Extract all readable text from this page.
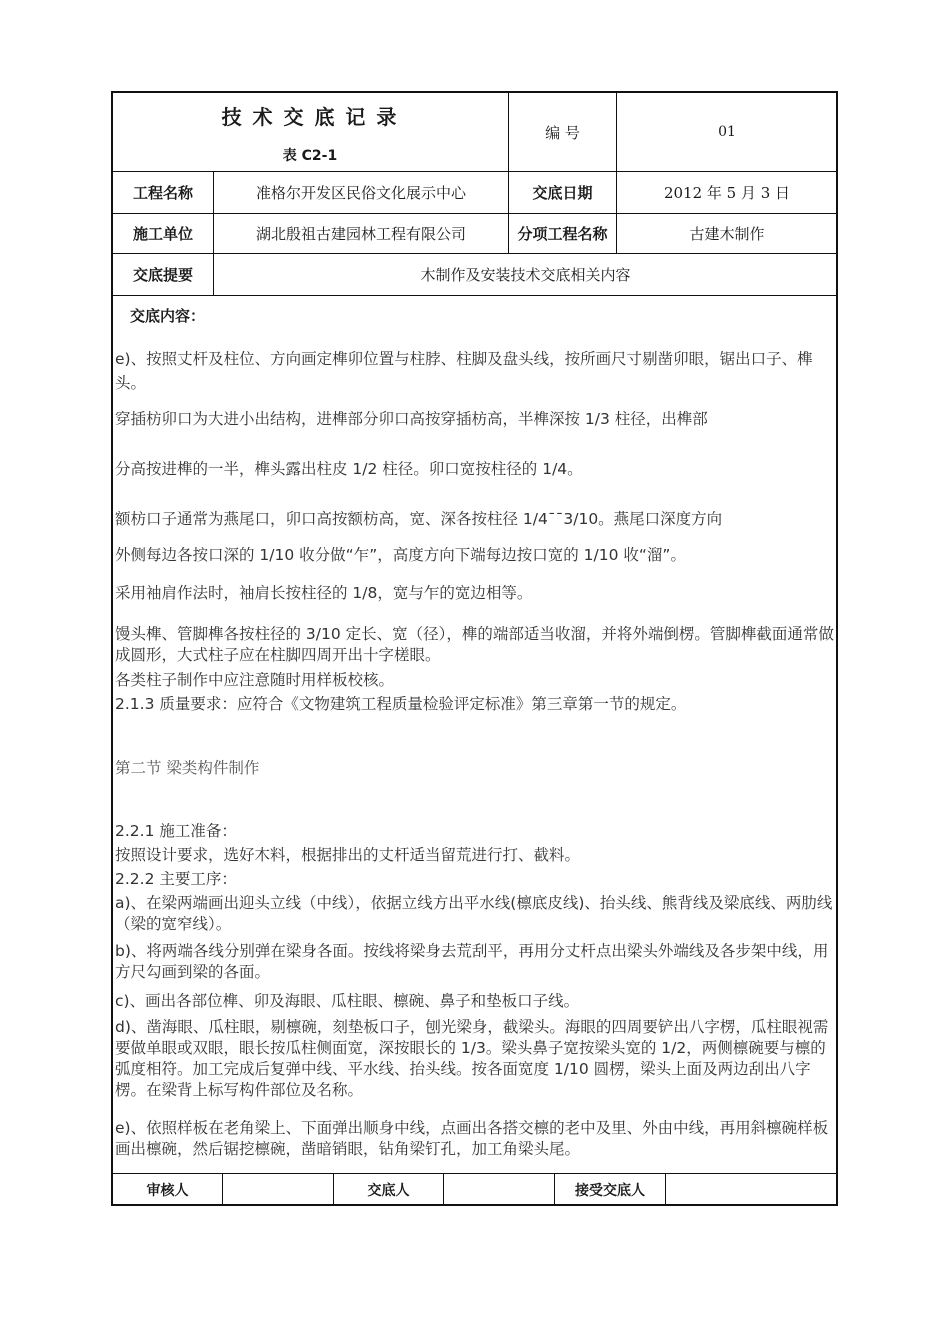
技 术 交 底 记 录
表 C2-1
编 号	01
工程名称	准格尔开发区民俗文化展示中心	交底日期	2012 年 5 月 3 日
施工单位	湖北殷祖古建园林工程有限公司	分项工程名称	古建木制作
交底提要	木制作及安装技术交底相关内容
交底内容：
e)、按照丈杆及柱位、方向画定榫卯位置与柱脖、柱脚及盘头线，按所画尺寸剔凿卯眼，锯出口子、榫头。
穿插枋卯口为大进小出结构，进榫部分卯口高按穿插枋高，半榫深按 1/3 柱径，出榫部
分高按进榫的一半，榫头露出柱皮 1/2 柱径。卯口宽按柱径的 1/4。
额枋口子通常为燕尾口，卯口高按额枋高，宽、深各按柱径 1/4¯¯3/10。燕尾口深度方向
外侧每边各按口深的 1/10 收分做“乍”，高度方向下端每边按口宽的 1/10 收“溜”。
采用袖肩作法时，袖肩长按柱径的 1/8，宽与乍的宽边相等。
馒头榫、管脚榫各按柱径的 3/10 定长、宽（径），榫的端部适当收溜，并将外端倒楞。管脚榫截面通常做成圆形，大式柱子应在柱脚四周开出十字槎眼。
各类柱子制作中应注意随时用样板校核。
2.1.3 质量要求：应符合《文物建筑工程质量检验评定标准》第三章第一节的规定。
第二节 梁类构件制作
2.2.1 施工准备：
按照设计要求，选好木料，根据排出的丈杆适当留荒进行打、截料。
2.2.2 主要工序：
a)、在梁两端画出迎头立线（中线），依据立线方出平水线(檩底皮线)、抬头线、熊背线及梁底线、两肋线（梁的宽窄线）。
b)、将两端各线分别弹在梁身各面。按线将梁身去荒刮平，再用分丈杆点出梁头外端线及各步架中线，用方尺勾画到梁的各面。
c)、画出各部位榫、卯及海眼、瓜柱眼、檩碗、鼻子和垫板口子线。
d)、凿海眼、瓜柱眼，剔檩碗，刻垫板口子，刨光梁身，截梁头。海眼的四周要铲出八字楞，瓜柱眼视需要做单眼或双眼，眼长按瓜柱侧面宽，深按眼长的 1/3。梁头鼻子宽按梁头宽的 1/2，两侧檩碗要与檩的弧度相符。加工完成后复弹中线、平水线、抬头线。按各面宽度 1/10 圆楞，梁头上面及两边刮出八字楞。在梁背上标写构件部位及名称。
e)、依照样板在老角梁上、下面弹出顺身中线，点画出各搭交檩的老中及里、外由中线，再用斜檩碗样板画出檩碗，然后锯挖檩碗，凿暗销眼，钻角梁钉孔，加工角梁头尾。
审核人	交底人	接受交底人
